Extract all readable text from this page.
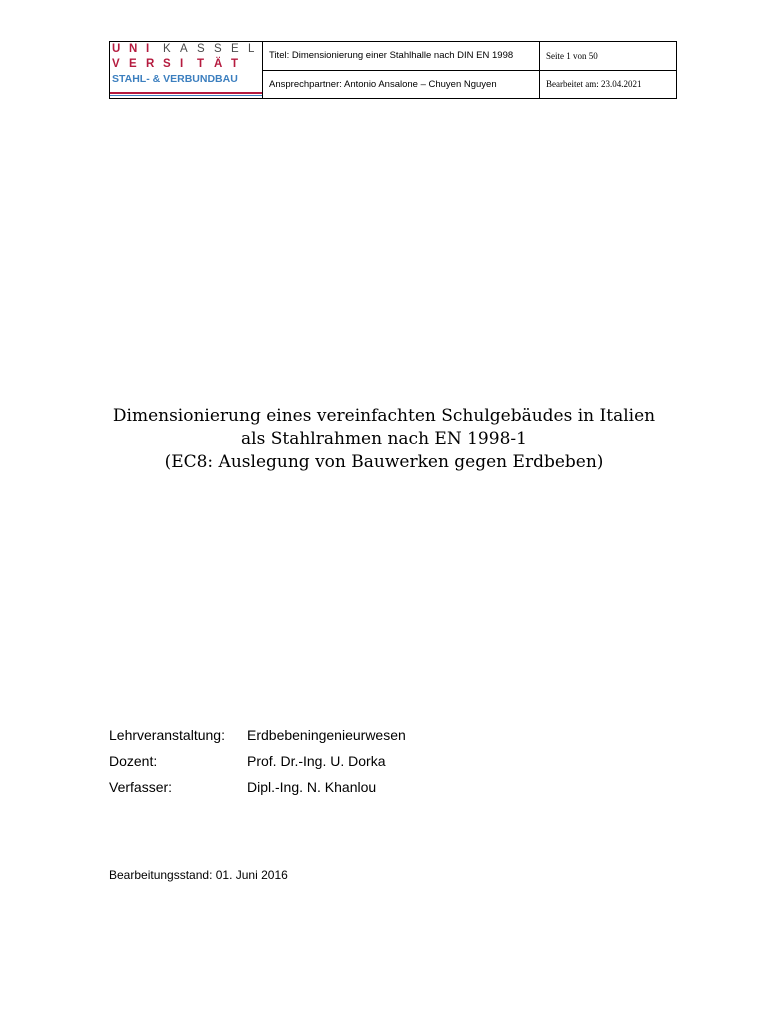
U N I K A S S E L
V E R S I T Ä T
STAHL- & VERBUNDBAU	Titel: Dimensionierung einer Stahlhalle nach DIN EN 1998	Seite 1 von 50
	Ansprechpartner: Antonio Ansalone – Chuyen Nguyen	Bearbeitet am: 23.04.2021
Dimensionierung eines vereinfachten Schulgebäudes in Italien
als Stahlrahmen nach EN 1998-1
(EC8: Auslegung von Bauwerken gegen Erdbeben)
Lehrveranstaltung:	Erdbebeningenieurwesen
Dozent:	Prof. Dr.-Ing. U. Dorka
Verfasser:	Dipl.-Ing. N. Khanlou
Bearbeitungsstand: 01. Juni 2016
